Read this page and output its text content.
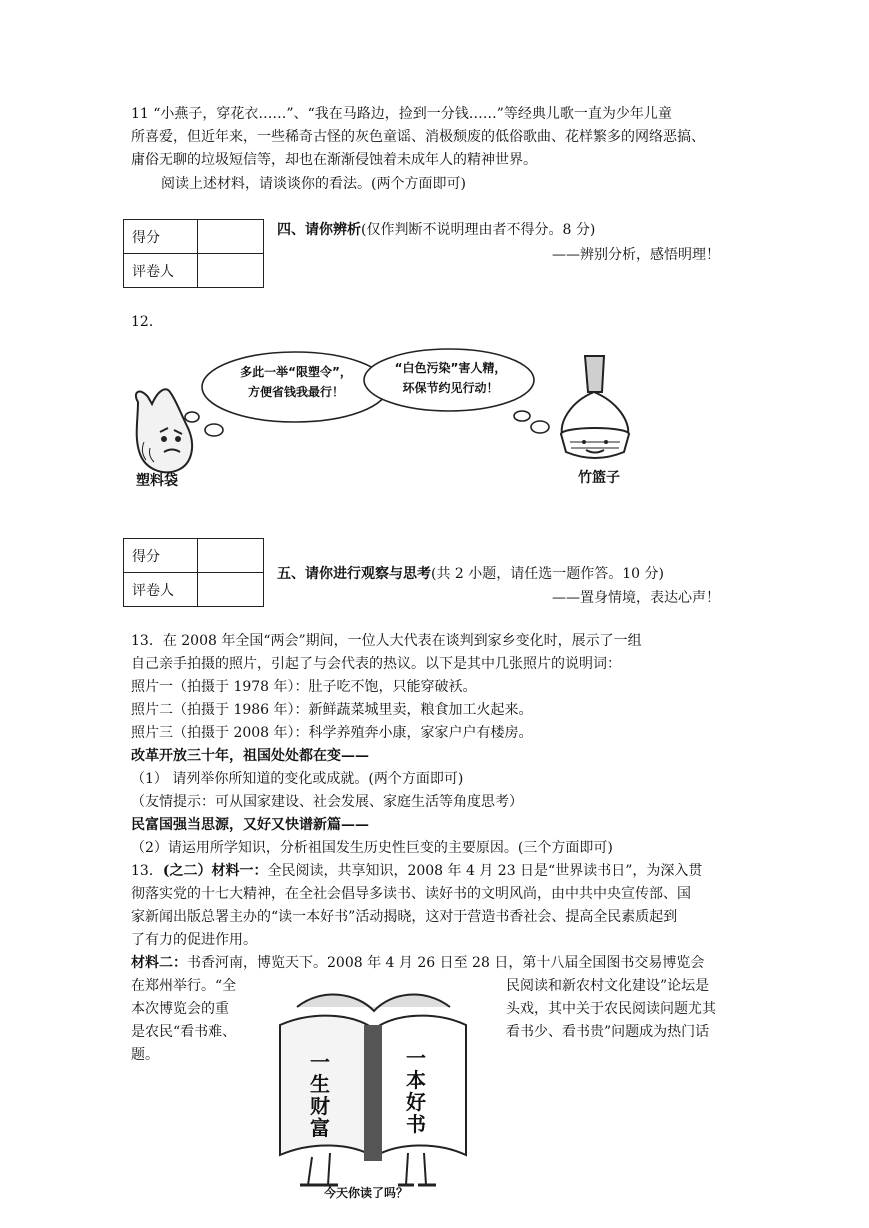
11 “小燕子，穿花衣……”、“我在马路边，捡到一分钱……”等经典儿歌一直为少年儿童
所喜爱，但近年来，一些稀奇古怪的灰色童谣、消极颓废的低俗歌曲、花样繁多的网络恶搞、
庸俗无聊的垃圾短信等，却也在渐渐侵蚀着未成年人的精神世界。
阅读上述材料，请谈谈你的看法。(两个方面即可)
得分	
评卷人	
四、请你辨析(仅作判断不说明理由者不得分。8 分)
——辨别分析，感悟明理！
12．
多此一举“限塑令”，
方便省钱我最行！
“白色污染”害人精，
环保节约见行动！
塑料袋	竹篮子
得分	
评卷人	
五、请你进行观察与思考(共 2 小题，请任选一题作答。10 分)
——置身情境，表达心声！
13．在 2008 年全国“两会”期间，一位人大代表在谈判到家乡变化时，展示了一组
自己亲手拍摄的照片，引起了与会代表的热议。以下是其中几张照片的说明词：
照片一（拍摄于 1978 年）：肚子吃不饱，只能穿破袄。
照片二（拍摄于 1986 年）：新鲜蔬菜城里卖，粮食加工火起来。
照片三（拍摄于 2008 年）：科学养殖奔小康，家家户户有楼房。
改革开放三十年，祖国处处都在变——
（1） 请列举你所知道的变化或成就。(两个方面即可)
（友情提示：可从国家建设、社会发展、家庭生活等角度思考）
民富国强当思源，又好又快谱新篇——
（2）请运用所学知识，分析祖国发生历史性巨变的主要原因。(三个方面即可)
13．(之二）材料一：全民阅读，共享知识，2008 年 4 月 23 日是“世界读书日”，为深入贯
彻落实党的十七大精神，在全社会倡导多读书、读好书的文明风尚，由中共中央宣传部、国
家新闻出版总署主办的“读一本好书”活动揭晓，这对于营造书香社会、提高全民素质起到
了有力的促进作用。
材料二：书香河南，博览天下。2008 年 4 月 26 日至 28 日，第十八届全国图书交易博览会
在郑州举行。“全
本次博览会的重
是农民“看书难、
题。
民阅读和新农村文化建设”论坛是
头戏，其中关于农民阅读问题尤其
看书少、看书贵”问题成为热门话
一生财富
一本好书
今天你读了吗？
